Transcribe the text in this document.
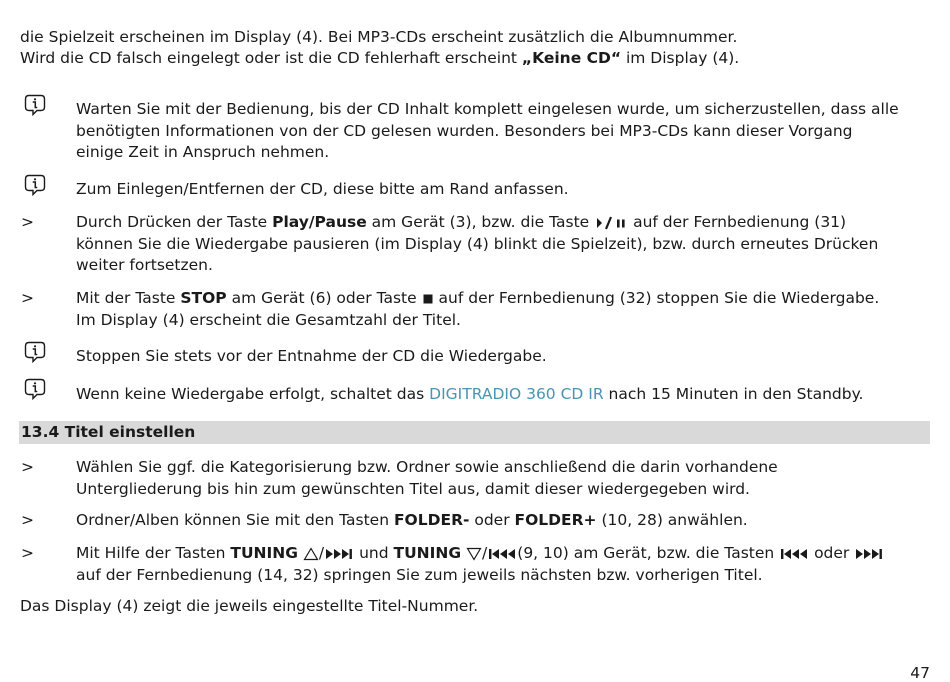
die Spielzeit erscheinen im Display (4). Bei MP3-CDs erscheint zusätzlich die Albumnummer.
Wird die CD falsch eingelegt oder ist die CD fehlerhaft erscheint „Keine CD“ im Display (4).
Warten Sie mit der Bedienung, bis der CD Inhalt komplett eingelesen wurde, um sicherzustellen, dass alle
benötigten Informationen von der CD gelesen wurden. Besonders bei MP3-CDs kann dieser Vorgang
einige Zeit in Anspruch nehmen.
Zum Einlegen/Entfernen der CD, diese bitte am Rand anfassen.
>	Durch Drücken der Taste Play/Pause am Gerät (3), bzw. die Taste  auf der Fernbedienung (31)
können Sie die Wiedergabe pausieren (im Display (4) blinkt die Spielzeit), bzw. durch erneutes Drücken
weiter fortsetzen.
>	Mit der Taste STOP am Gerät (6) oder Taste  auf der Fernbedienung (32) stoppen Sie die Wiedergabe.
Im Display (4) erscheint die Gesamtzahl der Titel.
Stoppen Sie stets vor der Entnahme der CD die Wiedergabe.
Wenn keine Wiedergabe erfolgt, schaltet das DIGITRADIO 360 CD IR nach 15 Minuten in den Standby.
13.4 Titel einstellen
>	Wählen Sie ggf. die Kategorisierung bzw. Ordner sowie anschließend die darin vorhandene
Untergliederung bis hin zum gewünschten Titel aus, damit dieser wiedergegeben wird.
>	Ordner/Alben können Sie mit den Tasten FOLDER- oder FOLDER+ (10, 28) anwählen.
>	Mit Hilfe der Tasten TUNING / und TUNING / (9, 10) am Gerät, bzw. die Tasten  oder
auf der Fernbedienung (14, 32) springen Sie zum jeweils nächsten bzw. vorherigen Titel.
Das Display (4) zeigt die jeweils eingestellte Titel-Nummer.
47
